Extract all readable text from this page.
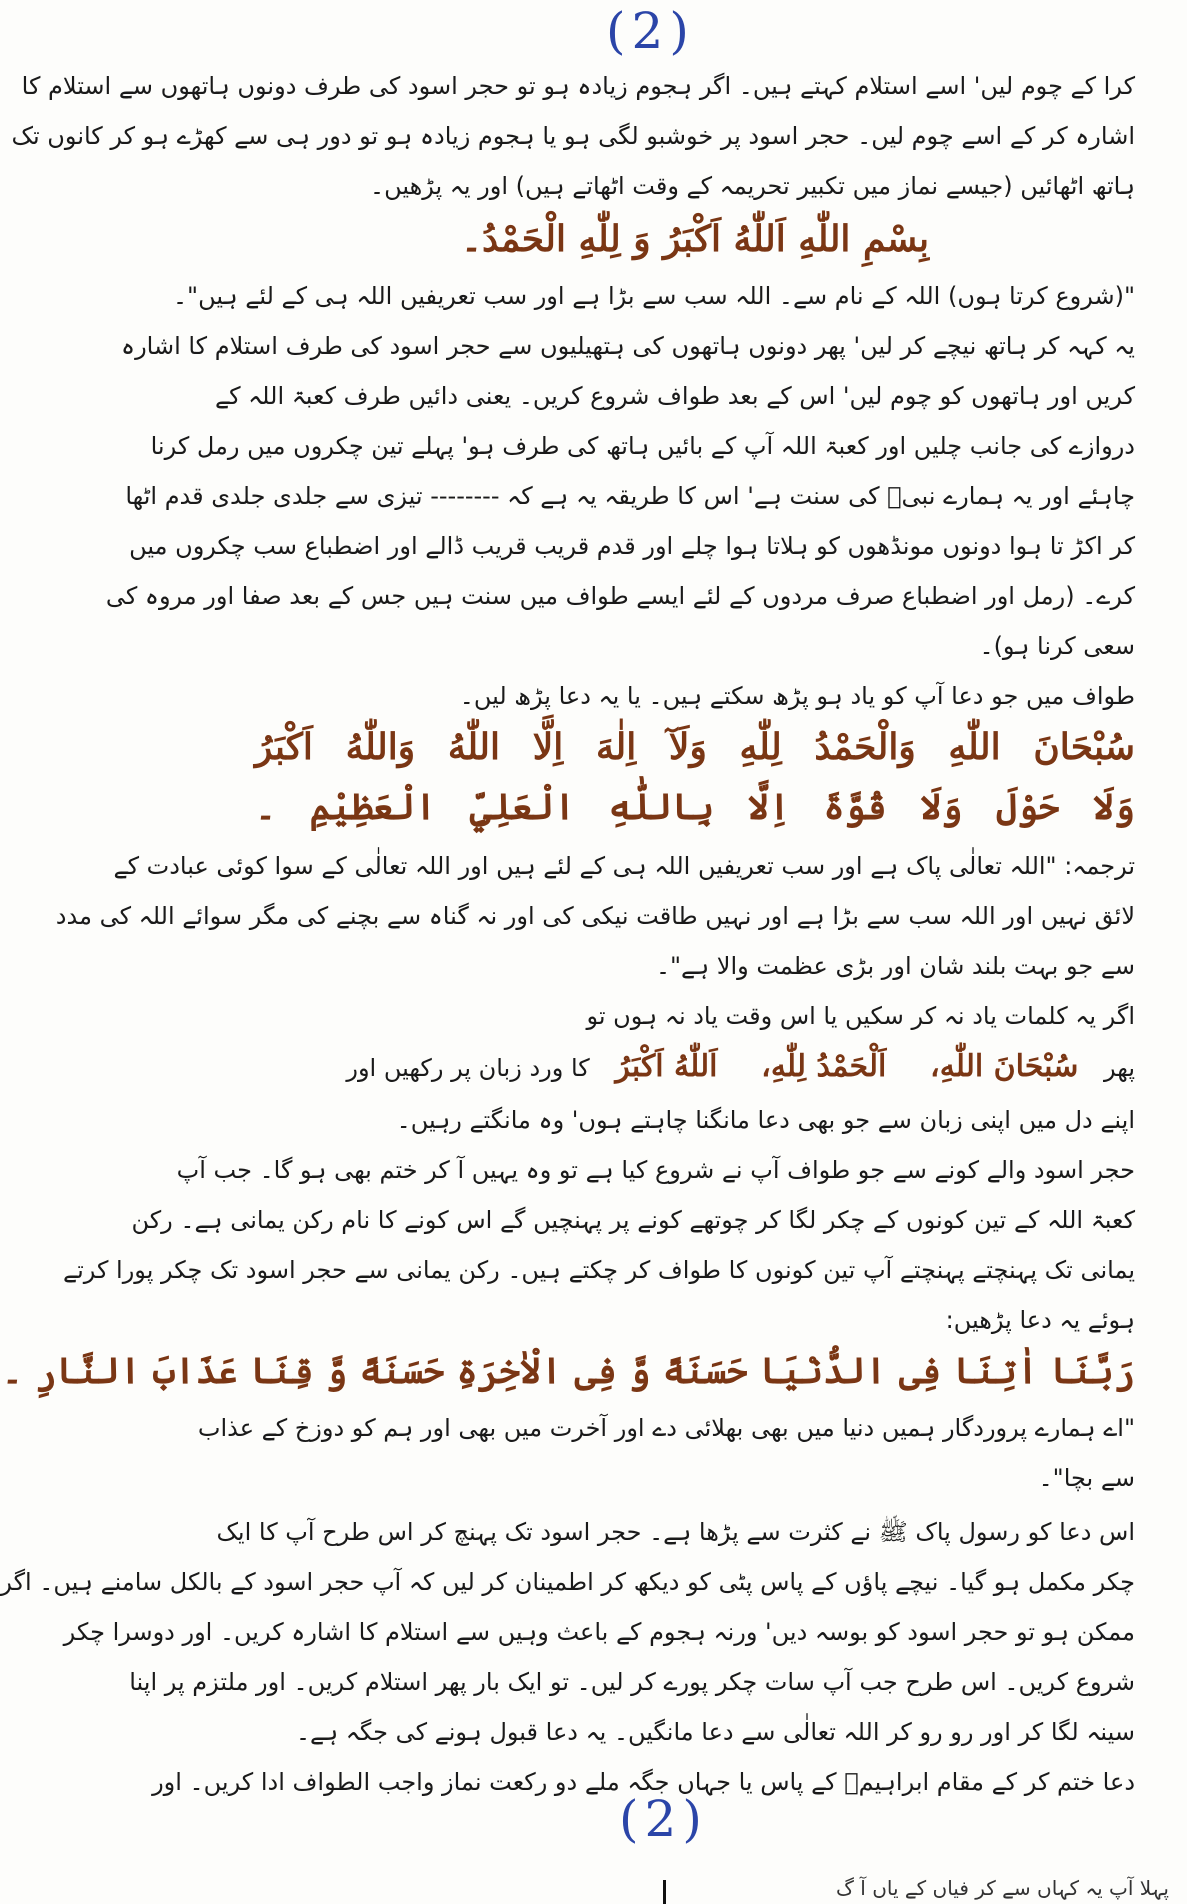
(2)
کرا کے چوم لیں' اسے استلام کہتے ہیں۔ اگر ہجوم زیادہ ہو تو حجر اسود کی طرف دونوں ہاتھوں سے استلام کا
اشارہ کر کے اسے چوم لیں۔ حجر اسود پر خوشبو لگی ہو یا ہجوم زیادہ ہو تو دور ہی سے کھڑے ہو کر کانوں تک
ہاتھ اٹھائیں (جیسے نماز میں تکبیر تحریمہ کے وقت اٹھاتے ہیں) اور یہ پڑھیں۔
بِسْمِ اللّٰهِ اَللّٰهُ اَكْبَرُ وَ لِلّٰهِ الْحَمْدُ۔
"(شروع کرتا ہوں) اللہ کے نام سے۔ اللہ سب سے بڑا ہے اور سب تعریفیں اللہ ہی کے لئے ہیں"۔
یہ کہہ کر ہاتھ نیچے کر لیں' پھر دونوں ہاتھوں کی ہتھیلیوں سے حجر اسود کی طرف استلام کا اشارہ
کریں اور ہاتھوں کو چوم لیں' اس کے بعد طواف شروع کریں۔ یعنی دائیں طرف کعبۃ اللہ کے
دروازے کی جانب چلیں اور کعبۃ اللہ آپ کے بائیں ہاتھ کی طرف ہو' پہلے تین چکروں میں رمل کرنا
چاہئے اور یہ ہمارے نبیؐ کی سنت ہے' اس کا طریقہ یہ ہے کہ -------- تیزی سے جلدی جلدی قدم اٹھا
کر اکڑ تا ہوا دونوں مونڈھوں کو ہلاتا ہوا چلے اور قدم قریب قریب ڈالے اور اضطباع سب چکروں میں
کرے۔ (رمل اور اضطباع صرف مردوں کے لئے ایسے طواف میں سنت ہیں جس کے بعد صفا اور مروہ کی
سعی کرنا ہو)۔
طواف میں جو دعا آپ کو یاد ہو پڑھ سکتے ہیں۔ یا یہ دعا پڑھ لیں۔
سُبْحَانَ اللّٰهِ وَالْحَمْدُ لِلّٰهِ وَلَآ اِلٰهَ اِلَّا اللّٰهُ وَاللّٰهُ اَكْبَرُ
وَلَا حَوْلَ وَلَا قُوَّةَ اِلَّا بِاللّٰهِ الْعَلِيِّ الْعَظِيْمِ ۔
ترجمہ: "اللہ تعالٰی پاک ہے اور سب تعریفیں اللہ ہی کے لئے ہیں اور اللہ تعالٰی کے سوا کوئی عبادت کے
لائق نہیں اور اللہ سب سے بڑا ہے اور نہیں طاقت نیکی کی اور نہ گناہ سے بچنے کی مگر سوائے اللہ کی مدد
سے جو بہت بلند شان اور بڑی عظمت والا ہے"۔
اگر یہ کلمات یاد نہ کر سکیں یا اس وقت یاد نہ ہوں تو
پھر سُبْحَانَ اللّٰهِ، اَلْحَمْدُ لِلّٰهِ، اَللّٰهُ اَكْبَرُ کا ورد زبان پر رکھیں اور
اپنے دل میں اپنی زبان سے جو بھی دعا مانگنا چاہتے ہوں' وہ مانگتے رہیں۔
حجر اسود والے کونے سے جو طواف آپ نے شروع کیا ہے تو وہ یہیں آ کر ختم بھی ہو گا۔ جب آپ
کعبۃ اللہ کے تین کونوں کے چکر لگا کر چوتھے کونے پر پہنچیں گے اس کونے کا نام رکن یمانی ہے۔ رکن
یمانی تک پہنچتے پہنچتے آپ تین کونوں کا طواف کر چکتے ہیں۔ رکن یمانی سے حجر اسود تک چکر پورا کرتے
ہوئے یہ دعا پڑھیں:
رَبَّنَا اٰتِنَا فِی الدُّنْيَا حَسَنَةً وَّ فِی الْاٰخِرَةِ حَسَنَةً وَّ قِنَا عَذَابَ النَّارِ ۔
"اے ہمارے پروردگار ہمیں دنیا میں بھی بھلائی دے اور آخرت میں بھی اور ہم کو دوزخ کے عذاب
سے بچا"۔
اس دعا کو رسول پاک ﷺ نے کثرت سے پڑھا ہے۔ حجر اسود تک پہنچ کر اس طرح آپ کا ایک
چکر مکمل ہو گیا۔ نیچے پاؤں کے پاس پٹی کو دیکھ کر اطمینان کر لیں کہ آپ حجر اسود کے بالکل سامنے ہیں۔ اگر
ممکن ہو تو حجر اسود کو بوسہ دیں' ورنہ ہجوم کے باعث وہیں سے استلام کا اشارہ کریں۔ اور دوسرا چکر
شروع کریں۔ اس طرح جب آپ سات چکر پورے کر لیں۔ تو ایک بار پھر استلام کریں۔ اور ملتزم پر اپنا
سینہ لگا کر اور رو رو کر اللہ تعالٰی سے دعا مانگیں۔ یہ دعا قبول ہونے کی جگہ ہے۔
دعا ختم کر کے مقام ابراہیمؑ کے پاس یا جہاں جگہ ملے دو رکعت نماز واجب الطواف ادا کریں۔ اور
(2)
پہلا آپ یہ کہاں سے کر فیاں کے یاں آ گ
